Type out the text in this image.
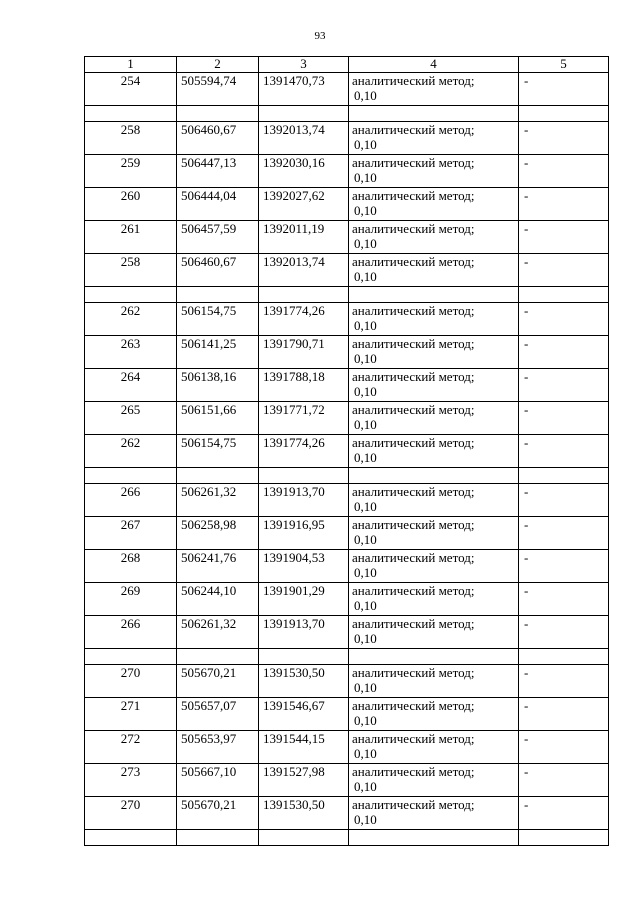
93
1	2	3	4	5
254	505594,74	1391470,73	аналитический метод;
0,10	-

258	506460,67	1392013,74	аналитический метод;
0,10	-
259	506447,13	1392030,16	аналитический метод;
0,10	-
260	506444,04	1392027,62	аналитический метод;
0,10	-
261	506457,59	1392011,19	аналитический метод;
0,10	-
258	506460,67	1392013,74	аналитический метод;
0,10	-

262	506154,75	1391774,26	аналитический метод;
0,10	-
263	506141,25	1391790,71	аналитический метод;
0,10	-
264	506138,16	1391788,18	аналитический метод;
0,10	-
265	506151,66	1391771,72	аналитический метод;
0,10	-
262	506154,75	1391774,26	аналитический метод;
0,10	-

266	506261,32	1391913,70	аналитический метод;
0,10	-
267	506258,98	1391916,95	аналитический метод;
0,10	-
268	506241,76	1391904,53	аналитический метод;
0,10	-
269	506244,10	1391901,29	аналитический метод;
0,10	-
266	506261,32	1391913,70	аналитический метод;
0,10	-

270	505670,21	1391530,50	аналитический метод;
0,10	-
271	505657,07	1391546,67	аналитический метод;
0,10	-
272	505653,97	1391544,15	аналитический метод;
0,10	-
273	505667,10	1391527,98	аналитический метод;
0,10	-
270	505670,21	1391530,50	аналитический метод;
0,10	-
